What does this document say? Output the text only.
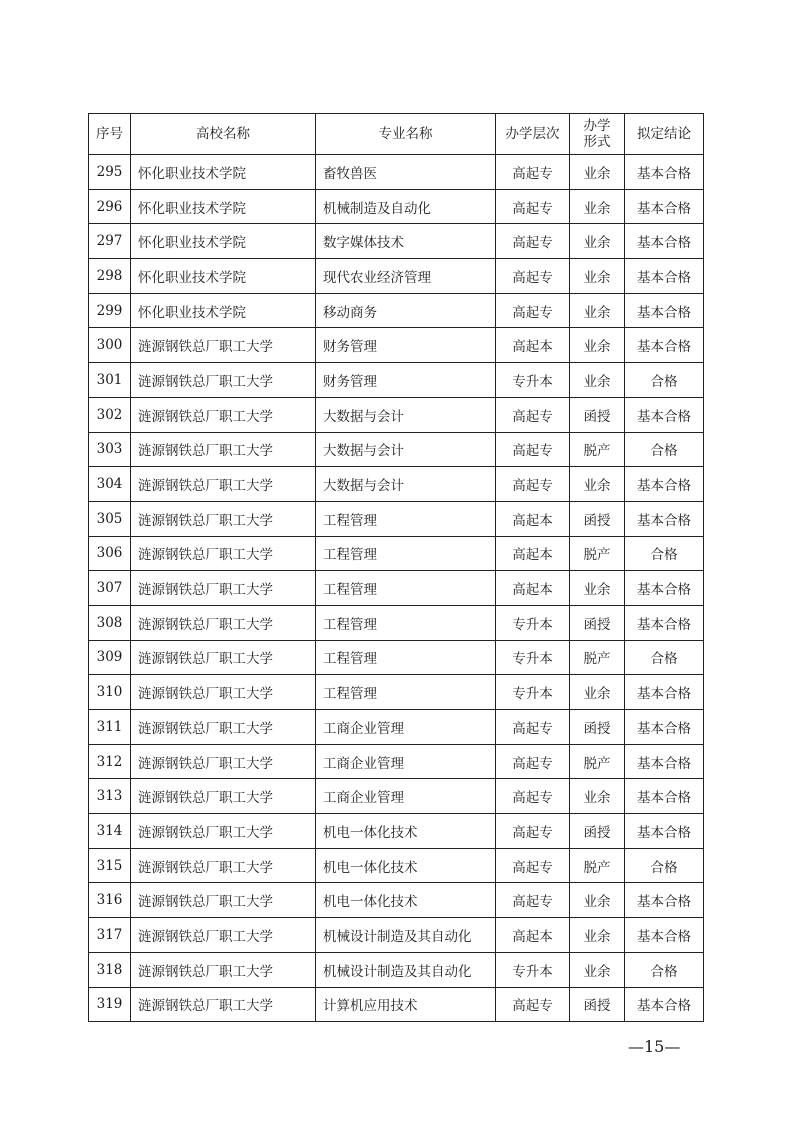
序号	高校名称	专业名称	办学层次	办学形式	拟定结论
295	怀化职业技术学院	畜牧兽医	高起专	业余	基本合格
296	怀化职业技术学院	机械制造及自动化	高起专	业余	基本合格
297	怀化职业技术学院	数字媒体技术	高起专	业余	基本合格
298	怀化职业技术学院	现代农业经济管理	高起专	业余	基本合格
299	怀化职业技术学院	移动商务	高起专	业余	基本合格
300	涟源钢铁总厂职工大学	财务管理	高起本	业余	基本合格
301	涟源钢铁总厂职工大学	财务管理	专升本	业余	合格
302	涟源钢铁总厂职工大学	大数据与会计	高起专	函授	基本合格
303	涟源钢铁总厂职工大学	大数据与会计	高起专	脱产	合格
304	涟源钢铁总厂职工大学	大数据与会计	高起专	业余	基本合格
305	涟源钢铁总厂职工大学	工程管理	高起本	函授	基本合格
306	涟源钢铁总厂职工大学	工程管理	高起本	脱产	合格
307	涟源钢铁总厂职工大学	工程管理	高起本	业余	基本合格
308	涟源钢铁总厂职工大学	工程管理	专升本	函授	基本合格
309	涟源钢铁总厂职工大学	工程管理	专升本	脱产	合格
310	涟源钢铁总厂职工大学	工程管理	专升本	业余	基本合格
311	涟源钢铁总厂职工大学	工商企业管理	高起专	函授	基本合格
312	涟源钢铁总厂职工大学	工商企业管理	高起专	脱产	基本合格
313	涟源钢铁总厂职工大学	工商企业管理	高起专	业余	基本合格
314	涟源钢铁总厂职工大学	机电一体化技术	高起专	函授	基本合格
315	涟源钢铁总厂职工大学	机电一体化技术	高起专	脱产	合格
316	涟源钢铁总厂职工大学	机电一体化技术	高起专	业余	基本合格
317	涟源钢铁总厂职工大学	机械设计制造及其自动化	高起本	业余	基本合格
318	涟源钢铁总厂职工大学	机械设计制造及其自动化	专升本	业余	合格
319	涟源钢铁总厂职工大学	计算机应用技术	高起专	函授	基本合格
—15—
